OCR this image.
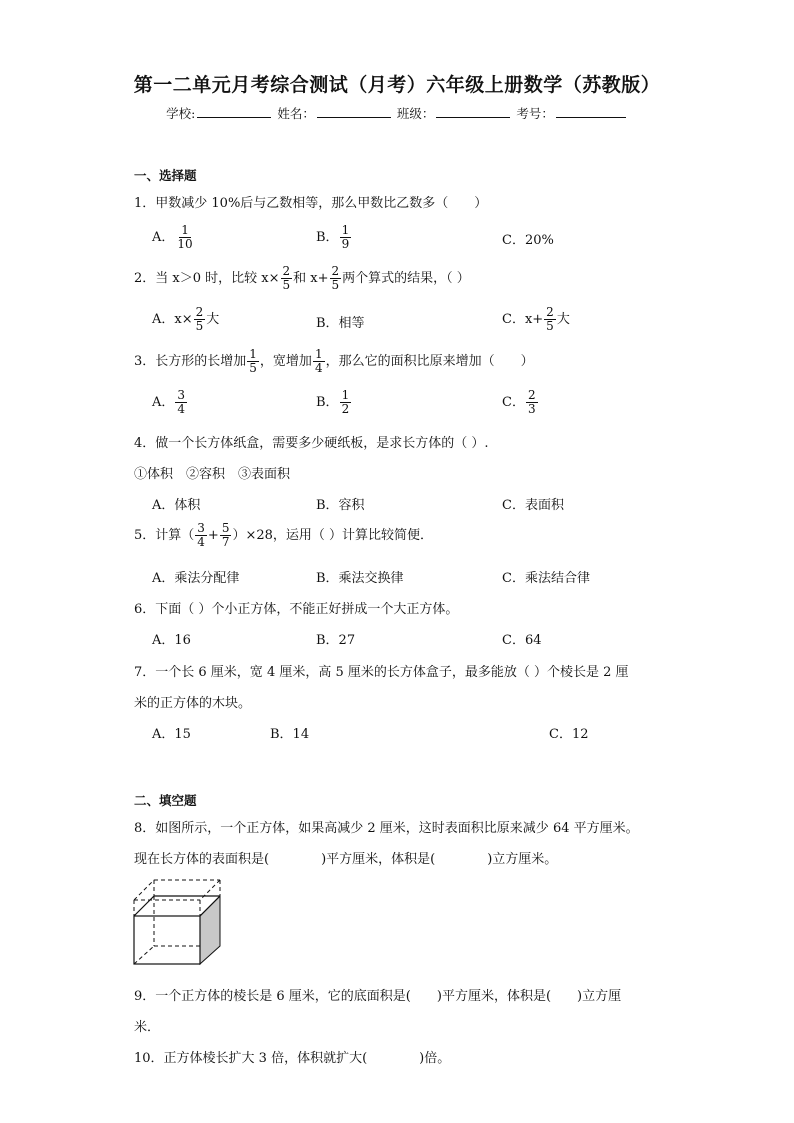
第一二单元月考综合测试（月考）六年级上册数学（苏教版）
学校:	姓名：	班级：	考号：
一、选择题
1．甲数减少 10%后与乙数相等，那么甲数比乙数多（　　）
A． $\frac{1}{10}$	B． $\frac{1}{9}$	C．20%
2．当 x＞0 时，比较 $x\times \frac{2}{5}$ 和 $x+ \frac{2}{5}$ 两个算式的结果，（ ）
A．$x\times \frac{2}{5}$ 大	B．相等	C．$x+ \frac{2}{5}$ 大
3．长方形的长增加 $\frac{1}{5}$ ，宽增加 $\frac{1}{4}$ ，那么它的面积比原来增加（　　）
A． $\frac{3}{4}$	B． $\frac{1}{2}$	C． $\frac{2}{3}$
4．做一个长方体纸盒，需要多少硬纸板，是求长方体的（ ）.
①体积　②容积　③表面积
A．体积	B．容积	C．表面积
5．计算（ $\frac{3}{4} + \frac{5}{7} )\times 28$，运用（ ）计算比较简便．
A．乘法分配律	B．乘法交换律	C．乘法结合律
6．下面（ ）个小正方体，不能正好拼成一个大正方体。
A．16	B．27	C．64
7．一个长 6 厘米，宽 4 厘米，高 5 厘米的长方体盒子，最多能放（ ）个棱长是 2 厘
米的正方体的木块。
A．15	B．14	C．12
二、填空题
8．如图所示，一个正方体，如果高减少 2 厘米，这时表面积比原来减少 64 平方厘米。
现在长方体的表面积是(　　　　)平方厘米，体积是(　　　　)立方厘米。
9．一个正方体的棱长是 6 厘米，它的底面积是(　　)平方厘米，体积是(　　)立方厘
米．
10．正方体棱长扩大 3 倍，体积就扩大(　　　　)倍。
